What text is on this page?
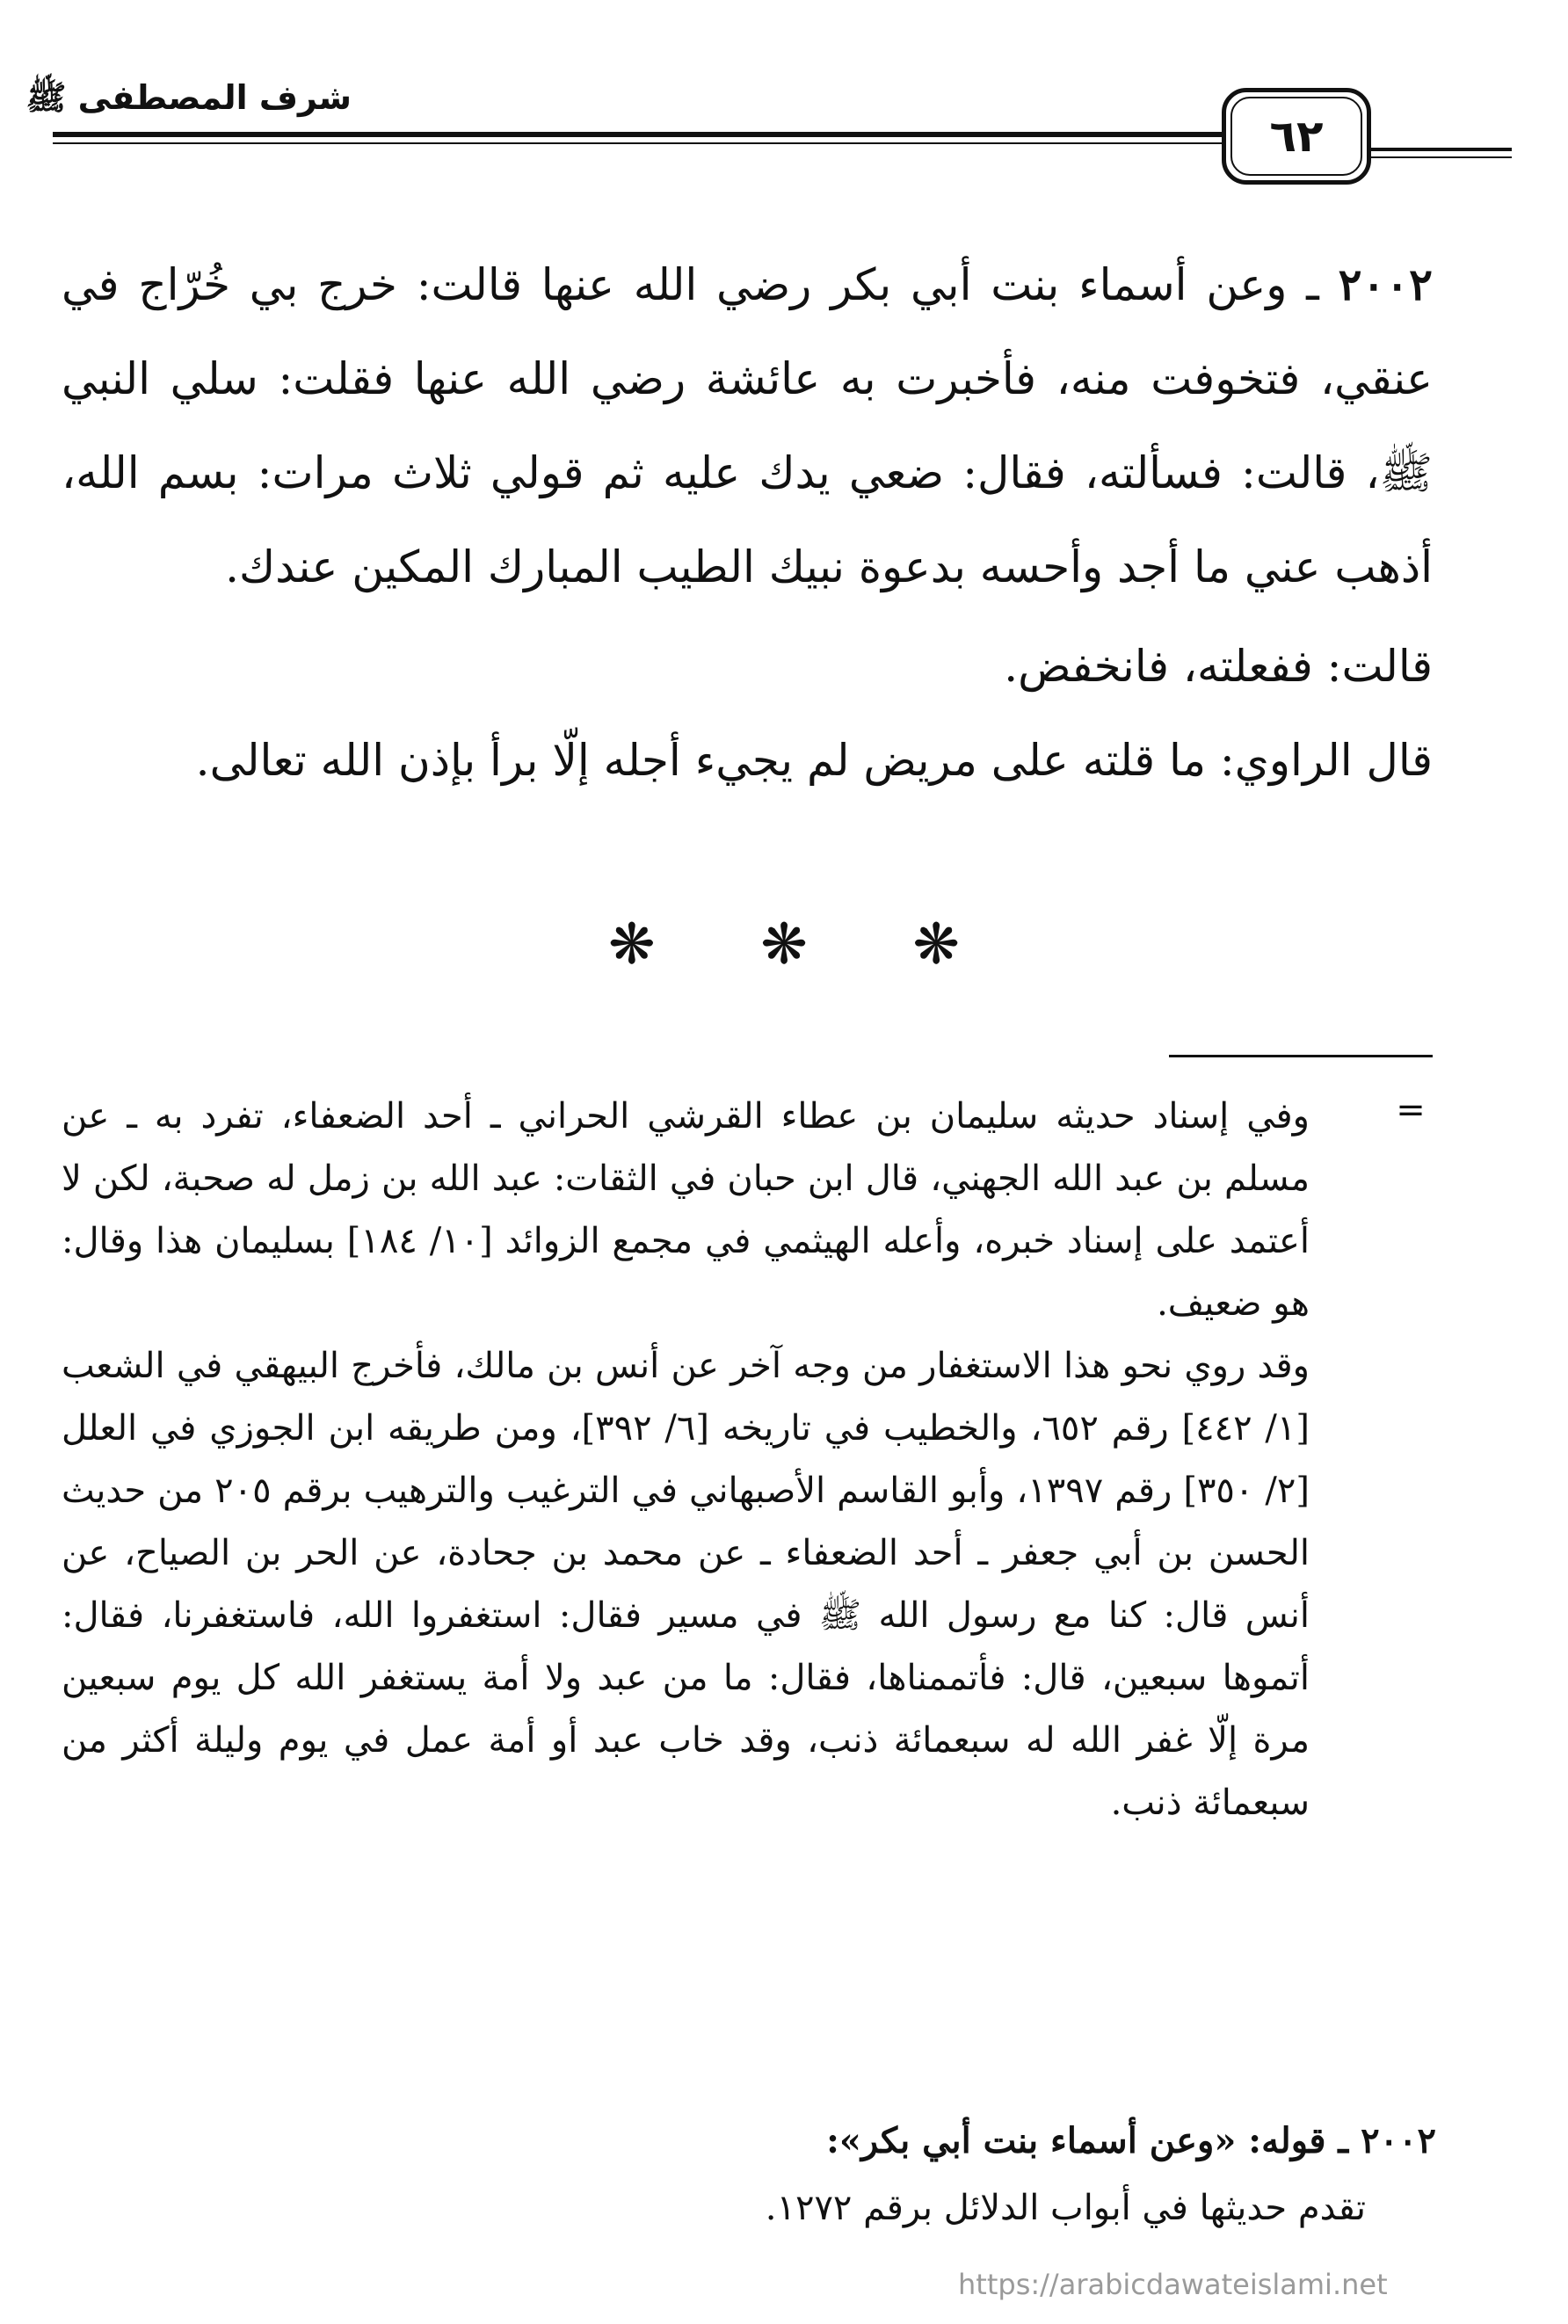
شرف المصطفى ﷺ
٦٢

٢٠٠٢ ـ وعن أسماء بنت أبي بكر رضي الله عنها قالت: خرج بي خُرّاج في عنقي، فتخوفت منه، فأخبرت به عائشة رضي الله عنها فقلت: سلي النبي ﷺ، قالت: فسألته، فقال: ضعي يدك عليه ثم قولي ثلاث مرات: بسم الله، أذهب عني ما أجد وأحسه بدعوة نبيك الطيب المبارك المكين عندك.

قالت: ففعلته، فانخفض.

قال الراوي: ما قلته على مريض لم يجيء أجله إلّا برأ بإذن الله تعالى.

❋ ❋ ❋
=

وفي إسناد حديثه سليمان بن عطاء القرشي الحراني ـ أحد الضعفاء، تفرد به ـ عن مسلم بن عبد الله الجهني، قال ابن حبان في الثقات: عبد الله بن زمل له صحبة، لكن لا أعتمد على إسناد خبره، وأعله الهيثمي في مجمع الزوائد [١٠/ ١٨٤] بسليمان هذا وقال: هو ضعيف.

وقد روي نحو هذا الاستغفار من وجه آخر عن أنس بن مالك، فأخرج البيهقي في الشعب [١/ ٤٤٢] رقم ٦٥٢، والخطيب في تاريخه [٦/ ٣٩٢]، ومن طريقه ابن الجوزي في العلل [٢/ ٣٥٠] رقم ١٣٩٧، وأبو القاسم الأصبهاني في الترغيب والترهيب برقم ٢٠٥ من حديث الحسن بن أبي جعفر ـ أحد الضعفاء ـ عن محمد بن جحادة، عن الحر بن الصياح، عن أنس قال: كنا مع رسول الله ﷺ في مسير فقال: استغفروا الله، فاستغفرنا، فقال: أتموها سبعين، قال: فأتممناها، فقال: ما من عبد ولا أمة يستغفر الله كل يوم سبعين مرة إلّا غفر الله له سبعمائة ذنب، وقد خاب عبد أو أمة عمل في يوم وليلة أكثر من سبعمائة ذنب.

٢٠٠٢ ـ قوله: «وعن أسماء بنت أبي بكر»:
تقدم حديثها في أبواب الدلائل برقم ١٢٧٢.
https://arabicdawateislami.net
